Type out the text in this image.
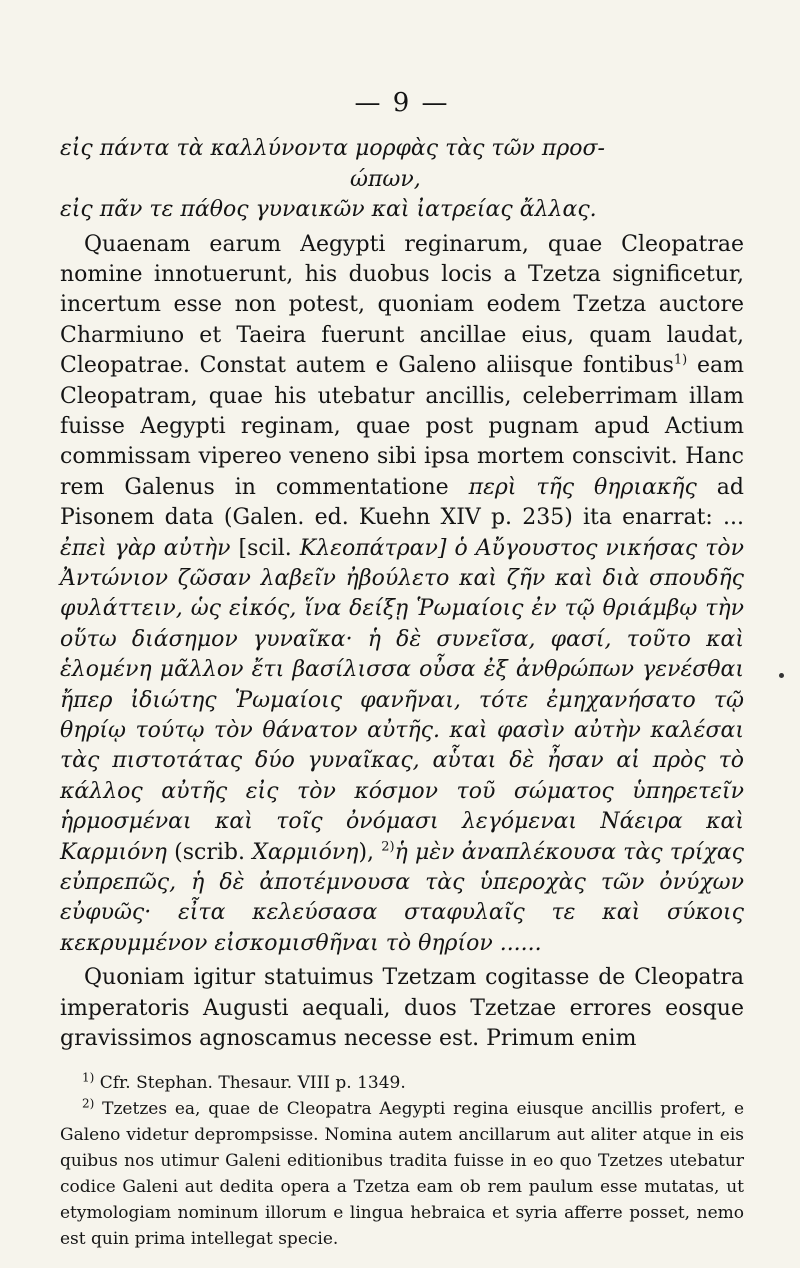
— 9 —
εἰς πάντα τὰ καλλύνοντα μορφὰς τὰς τῶν προσ-
ώπων,
εἰς πᾶν τε πάθος γυναικῶν καὶ ἰατρείας ἄλλας.

Quaenam earum Aegypti reginarum, quae Cleopatrae nomine innotuerunt, his duobus locis a Tzetza significetur, incertum esse non potest, quoniam eodem Tzetza auctore Charmiuno et Taeira fuerunt ancillae eius, quam laudat, Cleopatrae. Constat autem e Galeno aliisque fontibus$^{1)}$ eam Cleopatram, quae his utebatur ancillis, celeberrimam illam fuisse Aegypti reginam, quae post pugnam apud Actium commissam vipereo veneno sibi ipsa mortem conscivit. Hanc rem Galenus in commentatione περὶ τῆς θηριακῆς ad Pisonem data (Galen. ed. Kuehn XIV p. 235) ita enarrat: ... ἐπεὶ γὰρ αὐτὴν [scil. Κλεοπάτραν] ὁ Αὔγουστος νικήσας τὸν Ἀντώνιον ζῶσαν λαβεῖν ἠβούλετο καὶ ζῆν καὶ διὰ σπουδῆς φυλάττειν, ὡς εἰκός, ἵνα δείξῃ Ῥωμαίοις ἐν τῷ θριάμβῳ τὴν οὕτω διάσημον γυναῖκα· ἡ δὲ συνεῖσα, φασί, τοῦτο καὶ ἑλομένη μᾶλλον ἔτι βασίλισσα οὖσα ἐξ ἀνθρώπων γενέσθαι ἤπερ ἰδιώτης Ῥωμαίοις φανῆναι, τότε ἐμηχανήσατο τῷ θηρίῳ τούτῳ τὸν θάνατον αὐτῆς. καὶ φασὶν αὐτὴν καλέσαι τὰς πιστοτάτας δύο γυναῖκας, αὗται δὲ ἦσαν αἱ πρὸς τὸ κάλλος αὐτῆς εἰς τὸν κόσμον τοῦ σώματος ὑπηρετεῖν ἡρμοσμέναι καὶ τοῖς ὀνόμασι λεγόμεναι Νάειρα καὶ Καρμιόνη (scrib. Χαρμιόνη), $^{2)}$ἡ μὲν ἀναπλέκουσα τὰς τρίχας εὐπρεπῶς, ἡ δὲ ἀποτέμνουσα τὰς ὑπεροχὰς τῶν ὀνύχων εὐφυῶς· εἶτα κελεύσασα σταφυλαῖς τε καὶ σύκοις κεκρυμμένον εἰσκομισθῆναι τὸ θηρίον ......

Quoniam igitur statuimus Tzetzam cogitasse de Cleopatra imperatoris Augusti aequali, duos Tzetzae errores eosque gravissimos agnoscamus necesse est. Primum enim

$^{1)}$ Cfr. Stephan. Thesaur. VIII p. 1349.

$^{2)}$ Tzetzes ea, quae de Cleopatra Aegypti regina eiusque ancillis profert, e Galeno videtur deprompsisse. Nomina autem ancillarum aut aliter atque in eis quibus nos utimur Galeni editionibus tradita fuisse in eo quo Tzetzes utebatur codice Galeni aut dedita opera a Tzetza eam ob rem paulum esse mutatas, ut etymologiam nominum illorum e lingua hebraica et syria afferre posset, nemo est quin prima intellegat specie.
